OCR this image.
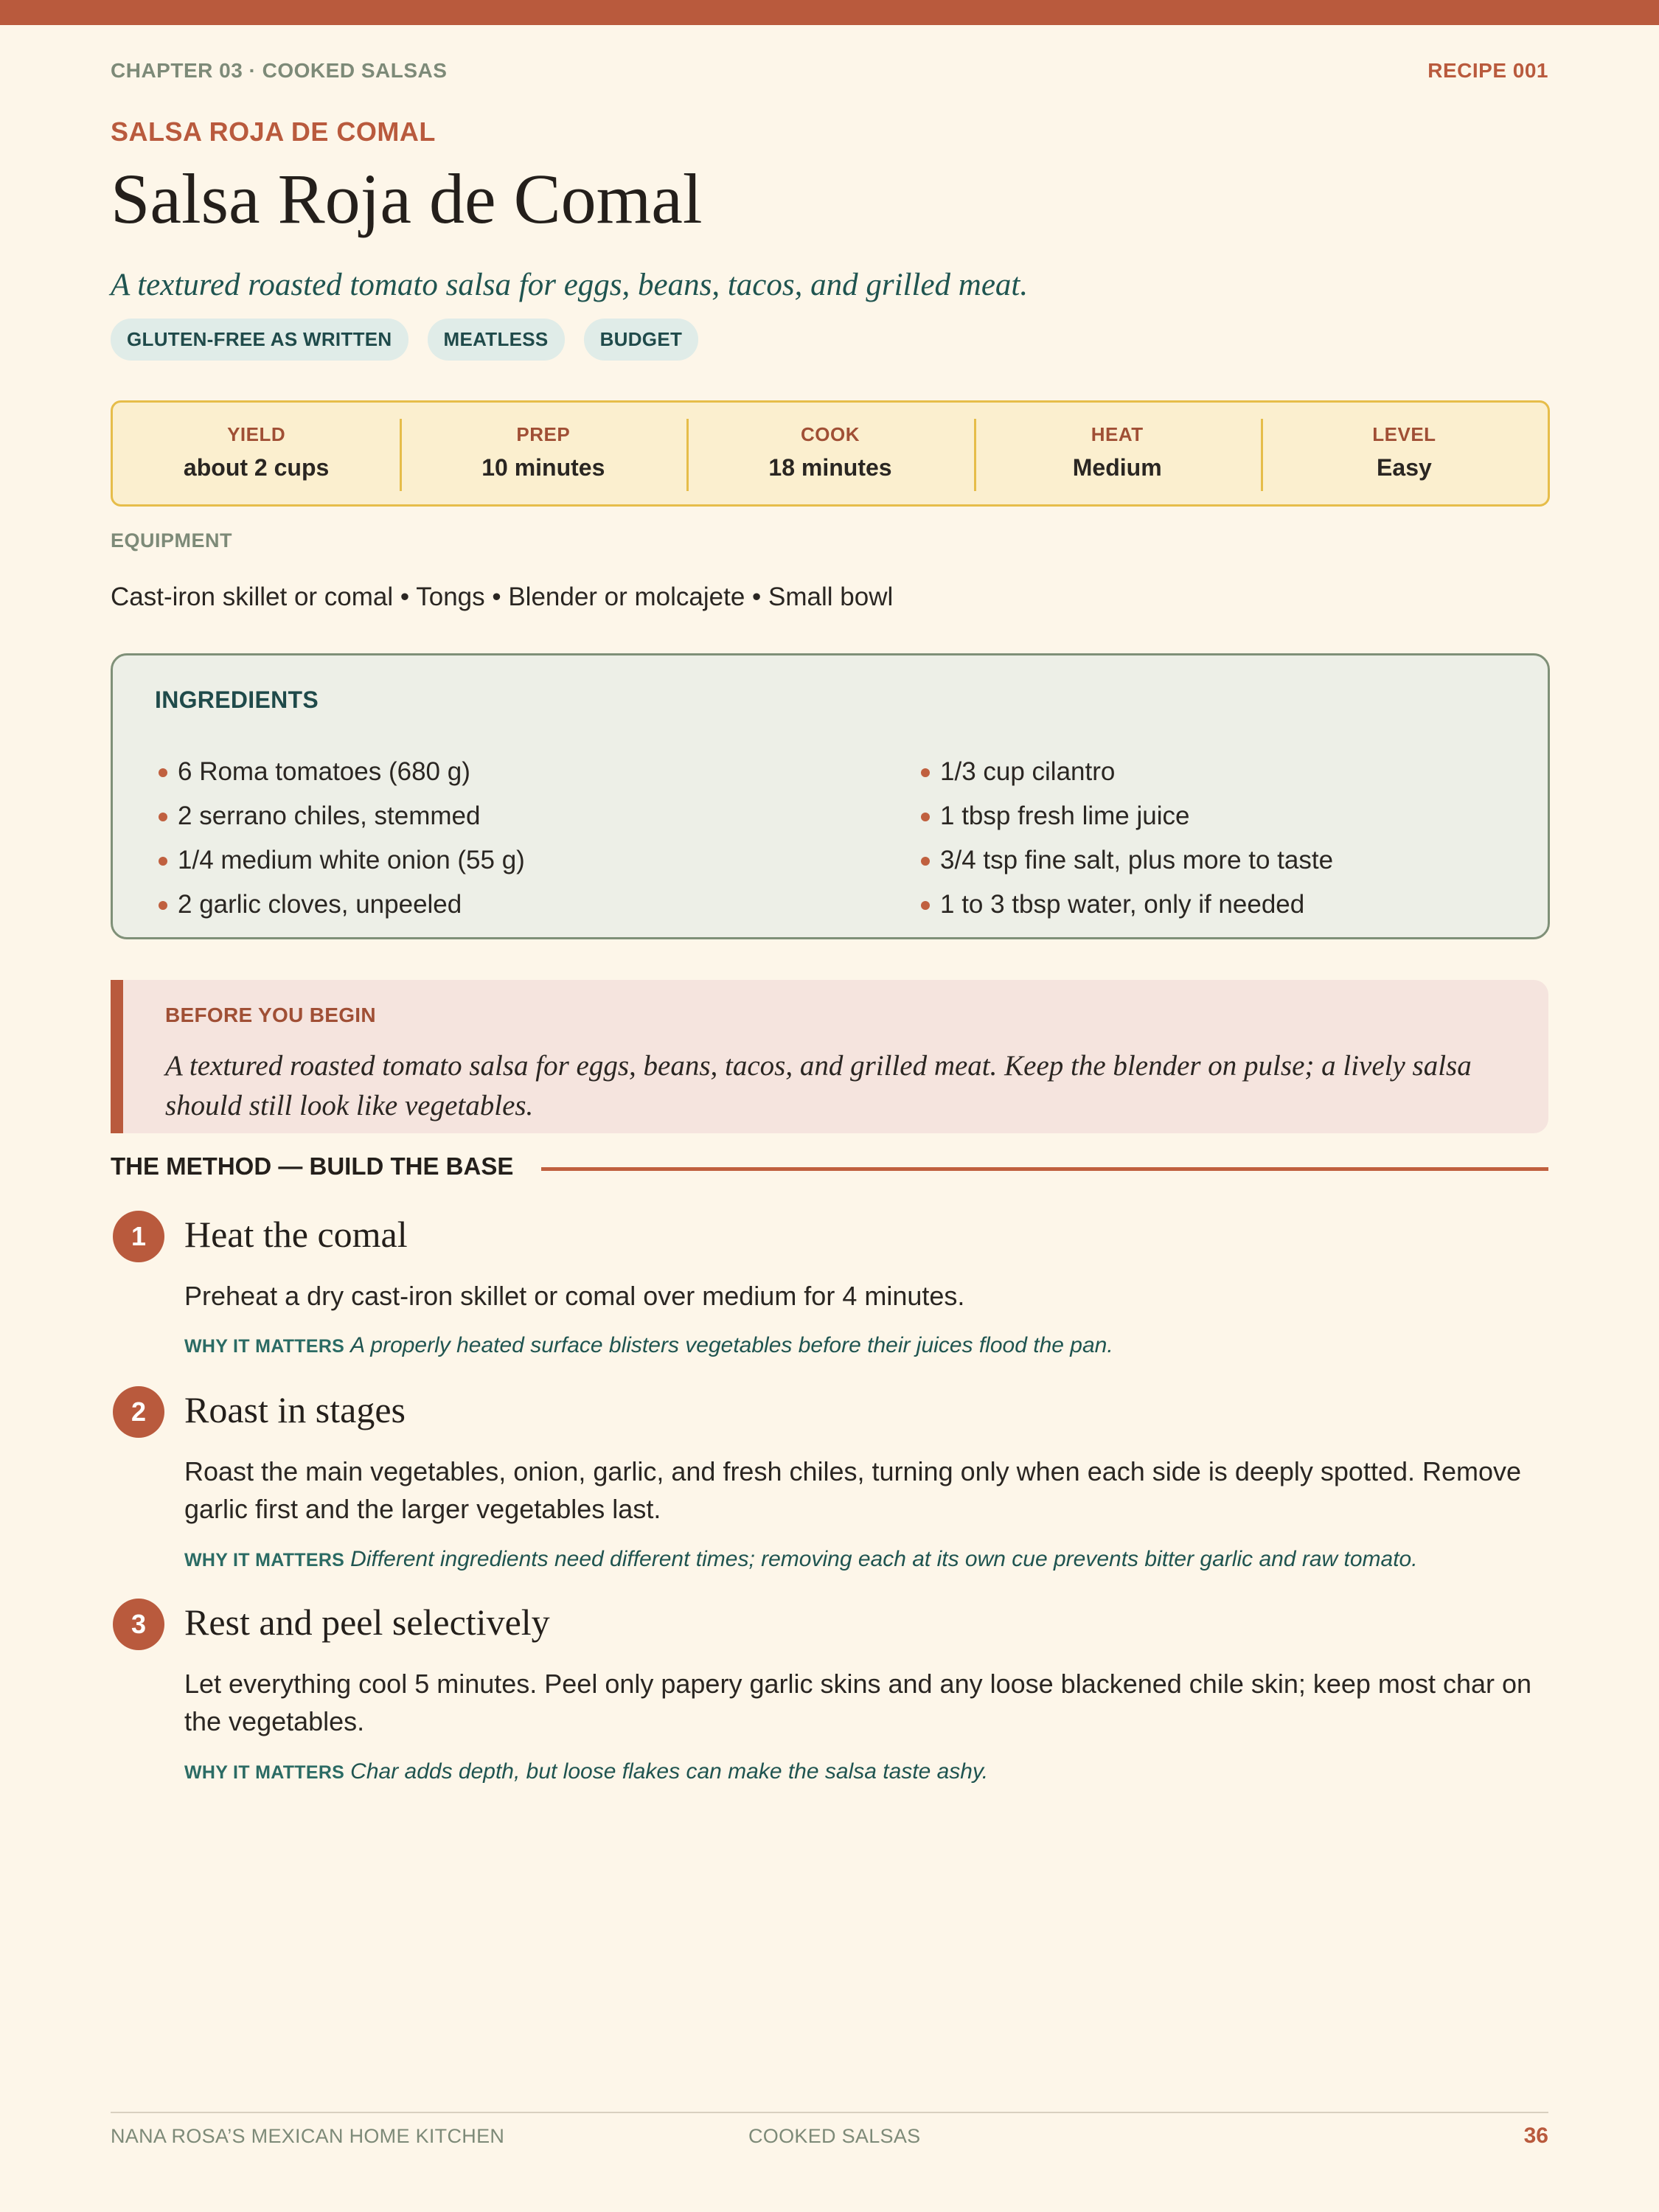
CHAPTER 03 · COOKED SALSAS	RECIPE 001
SALSA ROJA DE COMAL
Salsa Roja de Comal
A textured roasted tomato salsa for eggs, beans, tacos, and grilled meat.
GLUTEN-FREE AS WRITTEN	MEATLESS	BUDGET
YIELD
about 2 cups
PREP
10 minutes
COOK
18 minutes
HEAT
Medium
LEVEL
Easy
EQUIPMENT
Cast-iron skillet or comal • Tongs • Blender or molcajete • Small bowl
INGREDIENTS
6 Roma tomatoes (680 g)
2 serrano chiles, stemmed
1/4 medium white onion (55 g)
2 garlic cloves, unpeeled
1/3 cup cilantro
1 tbsp fresh lime juice
3/4 tsp fine salt, plus more to taste
1 to 3 tbsp water, only if needed
BEFORE YOU BEGIN
A textured roasted tomato salsa for eggs, beans, tacos, and grilled meat. Keep the blender on pulse; a lively salsa should still look like vegetables.
THE METHOD — BUILD THE BASE
1	Heat the comal
Preheat a dry cast-iron skillet or comal over medium for 4 minutes.
WHY IT MATTERS A properly heated surface blisters vegetables before their juices flood the pan.
2	Roast in stages
Roast the main vegetables, onion, garlic, and fresh chiles, turning only when each side is deeply spotted. Remove garlic first and the larger vegetables last.
WHY IT MATTERS Different ingredients need different times; removing each at its own cue prevents bitter garlic and raw tomato.
3	Rest and peel selectively
Let everything cool 5 minutes. Peel only papery garlic skins and any loose blackened chile skin; keep most char on the vegetables.
WHY IT MATTERS Char adds depth, but loose flakes can make the salsa taste ashy.
NANA ROSA’S MEXICAN HOME KITCHEN	COOKED SALSAS	36
